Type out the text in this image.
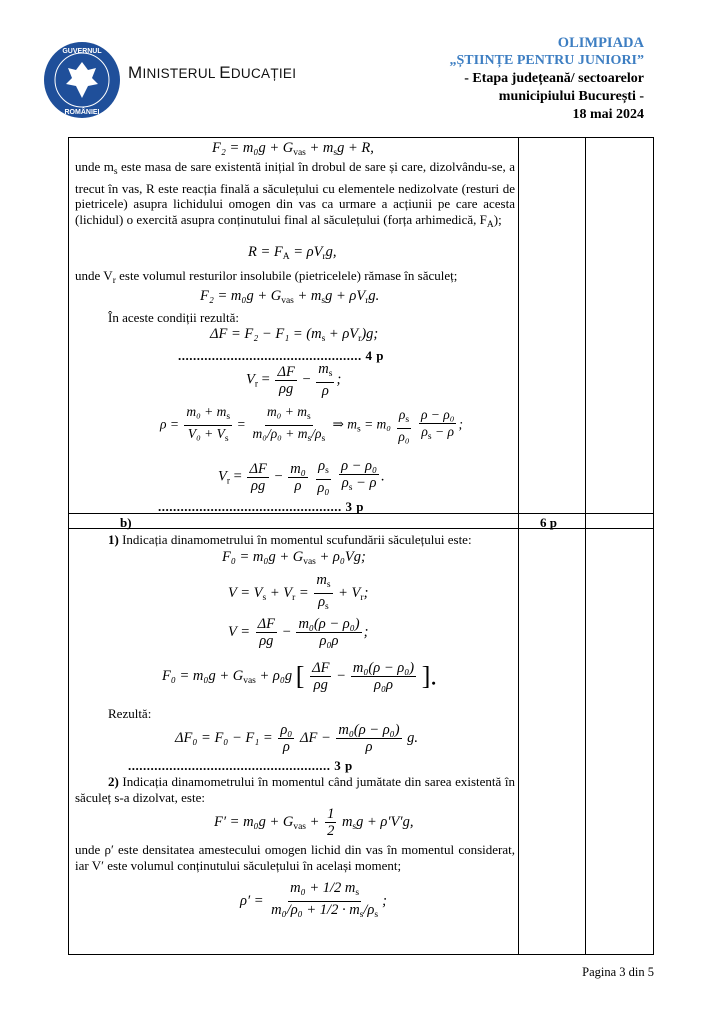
GUVERNUL
ROMÂNIEI
MINISTERUL EDUCAȚIEI
OLIMPIADA
„ȘTIINȚE PENTRU JUNIORI”
- Etapa județeană/ sectoarelor
municipiului București -
18 mai 2024
$F_2 = m_0g + G_{vas} + m_sg + R$,
unde $m_s$ este masa de sare existentă inițial în drobul de sare și care, dizolvându-se, a trecut în vas, R este reacția finală a săculețului cu elementele nedizolvate (resturi de pietricele) asupra lichidului omogen din vas ca urmare a acțiunii pe care acesta (lichidul) o exercită asupra conținutului final al săculețului (forța arhimedică, $F_A$);
$R = F_A = \rho V_rg$,
unde $V_r$ este volumul resturilor insolubile (pietricelele) rămase în săculeț;
$F_2 = m_0g + G_{vas} + m_sg + \rho V_rg$.
În aceste condiții rezultă:
$\Delta F = F_2 - F_1 = (m_s + \rho V_r)g$;
................................................. 4 p
$V_r = \frac{\Delta F}{\rho g} - \frac{m_s}{\rho}$ ;
$\rho = \frac{m_0 + m_s}{V_0 + V_s} = \frac{m_0 + m_s}{m_0/\rho_0 + m_s/\rho_s}$ ⇒ $m_s = m_0 \frac{\rho_s}{\text{ρ₀}}$
$\frac{\text{ρ − ρ₀}}{\rho_s - \rho}$ ;
$V_r = \frac{\Delta F}{\rho g} - \frac{\text{m₀}}{\rho}$
$\frac{\rho_s}{\text{ρ₀}}$
$\frac{\text{ρ − ρ₀}}{\rho_s - \rho}$ .
................................................. 3 p
b)	6 p
1) Indicația dinamometrului în momentul scufundării săculețului este:
$F_0 = m_0g + G_{vas} + \rho_0Vg$;
$V = V_s + V_r = \frac{m_s}{\rho_s} + V_r$;
$V = \frac{\Delta F}{\rho g} - \frac{\text{m₀(ρ − ρ₀)}}{\text{ρ₀ρ}}$ ;
$F_0 = m_0g + G_{vas} + \rho_0g$ [ $\frac{\Delta F}{\rho g} - \frac{\text{m₀(ρ − ρ₀)}}{\text{ρ₀ρ}}$ ].
Rezultă:
$\Delta F_0 = F_0 - F_1 = \frac{\text{ρ₀}}{\rho}$ $\Delta F - \frac{\text{m₀(ρ − ρ₀)}}{\rho} g$.
...................................................... 3 p
2) Indicația dinamometrului în momentul când jumătate din sarea existentă în săculeț s-a dizolvat, este:
$F' = m_0g + G_{vas} + \frac{1}{2} m_sg + \rho'V'g$,
unde ρ′ este densitatea amestecului omogen lichid din vas în momentul considerat, iar V′ este volumul conținutului săculețului în același moment;
$\rho' = \frac{m_0 + 1/2 m_s}{m_0/\rho_0 + 1/2 \cdot m_s/\rho_s}$ ;
Pagina 3 din 5
